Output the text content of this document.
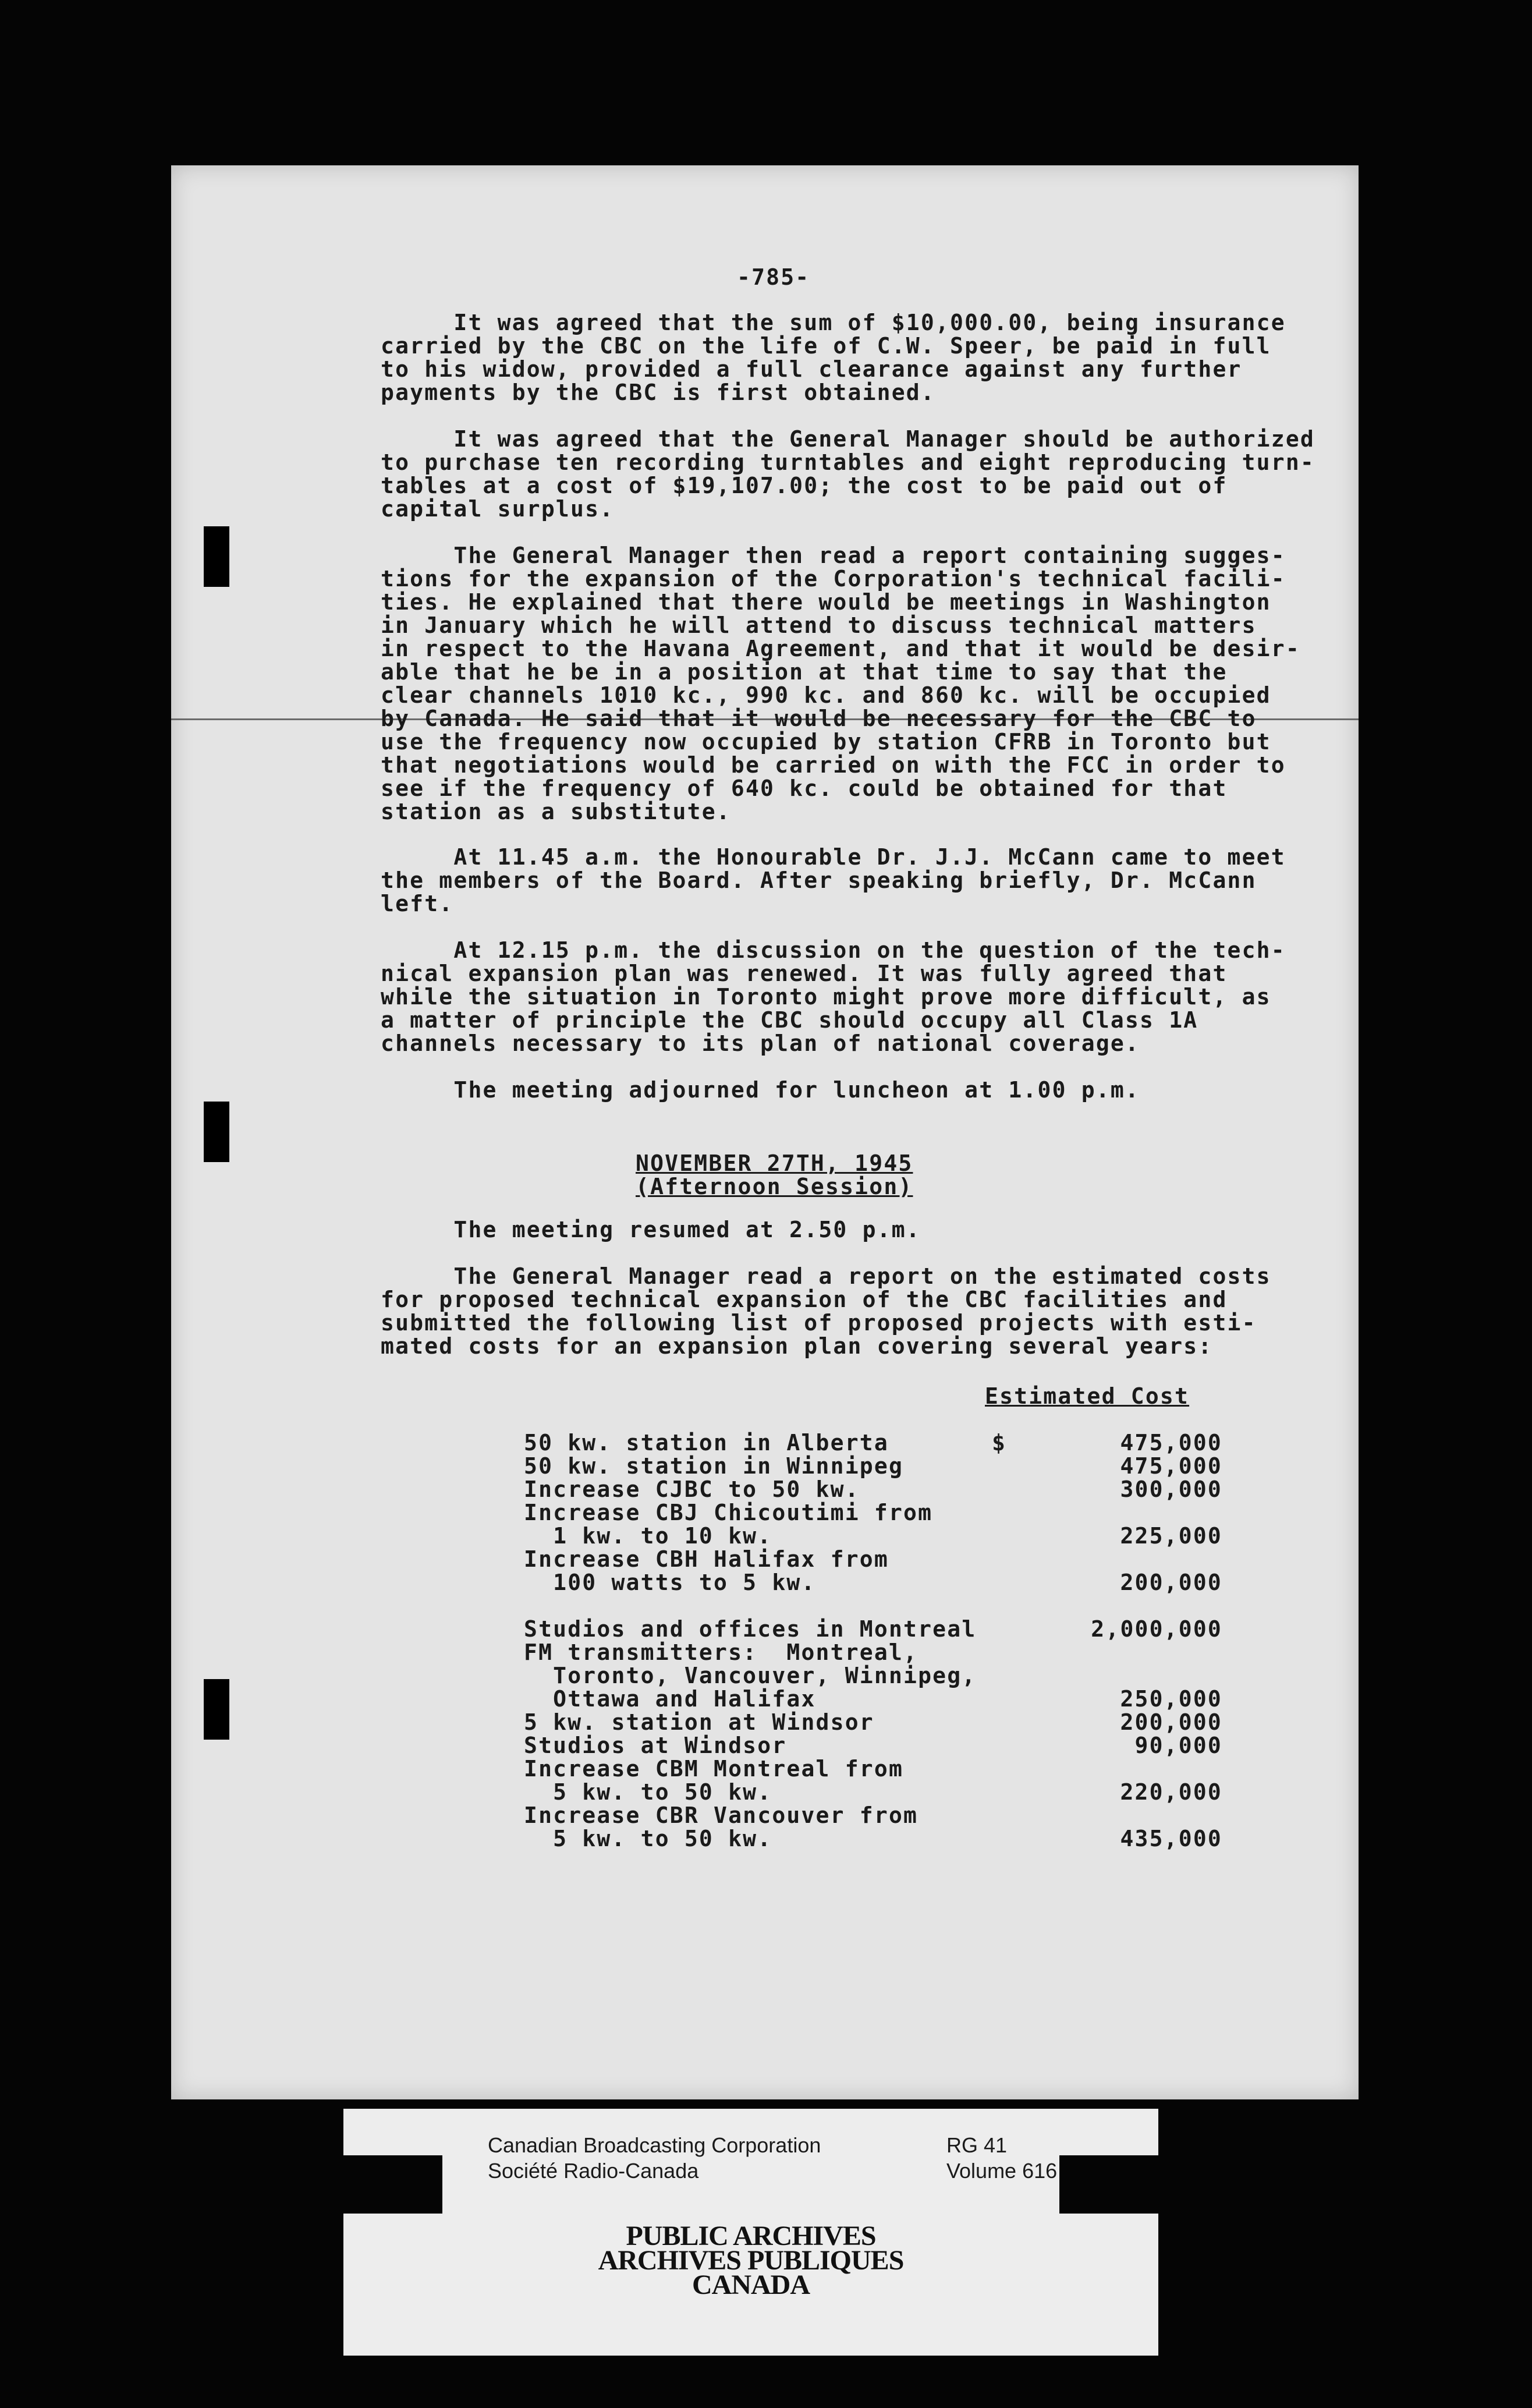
-785-

It was agreed that the sum of $10,000.00, being insurance
carried by the CBC on the life of C.W. Speer, be paid in full
to his widow, provided a full clearance against any further
payments by the CBC is first obtained.

It was agreed that the General Manager should be authorized
to purchase ten recording turntables and eight reproducing turn-
tables at a cost of $19,107.00; the cost to be paid out of
capital surplus.

The General Manager then read a report containing sugges-
tions for the expansion of the Corporation's technical facili-
ties. He explained that there would be meetings in Washington
in January which he will attend to discuss technical matters
in respect to the Havana Agreement, and that it would be desir-
able that he be in a position at that time to say that the
clear channels 1010 kc., 990 kc. and 860 kc. will be occupied
by Canada. He said that it would be necessary for the CBC to
use the frequency now occupied by station CFRB in Toronto but
that negotiations would be carried on with the FCC in order to
see if the frequency of 640 kc. could be obtained for that
station as a substitute.

At 11.45 a.m. the Honourable Dr. J.J. McCann came to meet
the members of the Board. After speaking briefly, Dr. McCann
left.

At 12.15 p.m. the discussion on the question of the tech-
nical expansion plan was renewed. It was fully agreed that
while the situation in Toronto might prove more difficult, as
a matter of principle the CBC should occupy all Class 1A
channels necessary to its plan of national coverage.

The meeting adjourned for luncheon at 1.00 p.m.

NOVEMBER 27TH, 1945

(Afternoon Session)

The meeting resumed at 2.50 p.m.

The General Manager read a report on the estimated costs
for proposed technical expansion of the CBC facilities and
submitted the following list of proposed projects with esti-
mated costs for an expansion plan covering several years:

Estimated Cost

50 kw. station in Alberta	$	475,000

50 kw. station in Winnipeg	475,000

Increase CJBC to 50 kw.	300,000

Increase CBJ Chicoutimi from

1 kw. to 10 kw.	225,000

Increase CBH Halifax from

100 watts to 5 kw.	200,000

Studios and offices in Montreal	2,000,000

FM transmitters:  Montreal,

Toronto, Vancouver, Winnipeg,

Ottawa and Halifax	250,000

5 kw. station at Windsor	200,000

Studios at Windsor	90,000

Increase CBM Montreal from

5 kw. to 50 kw.	220,000

Increase CBR Vancouver from

5 kw. to 50 kw.	435,000

Canadian Broadcasting Corporation

Société Radio-Canada

RG 41

Volume 616

PUBLIC ARCHIVES

ARCHIVES PUBLIQUES

CANADA
